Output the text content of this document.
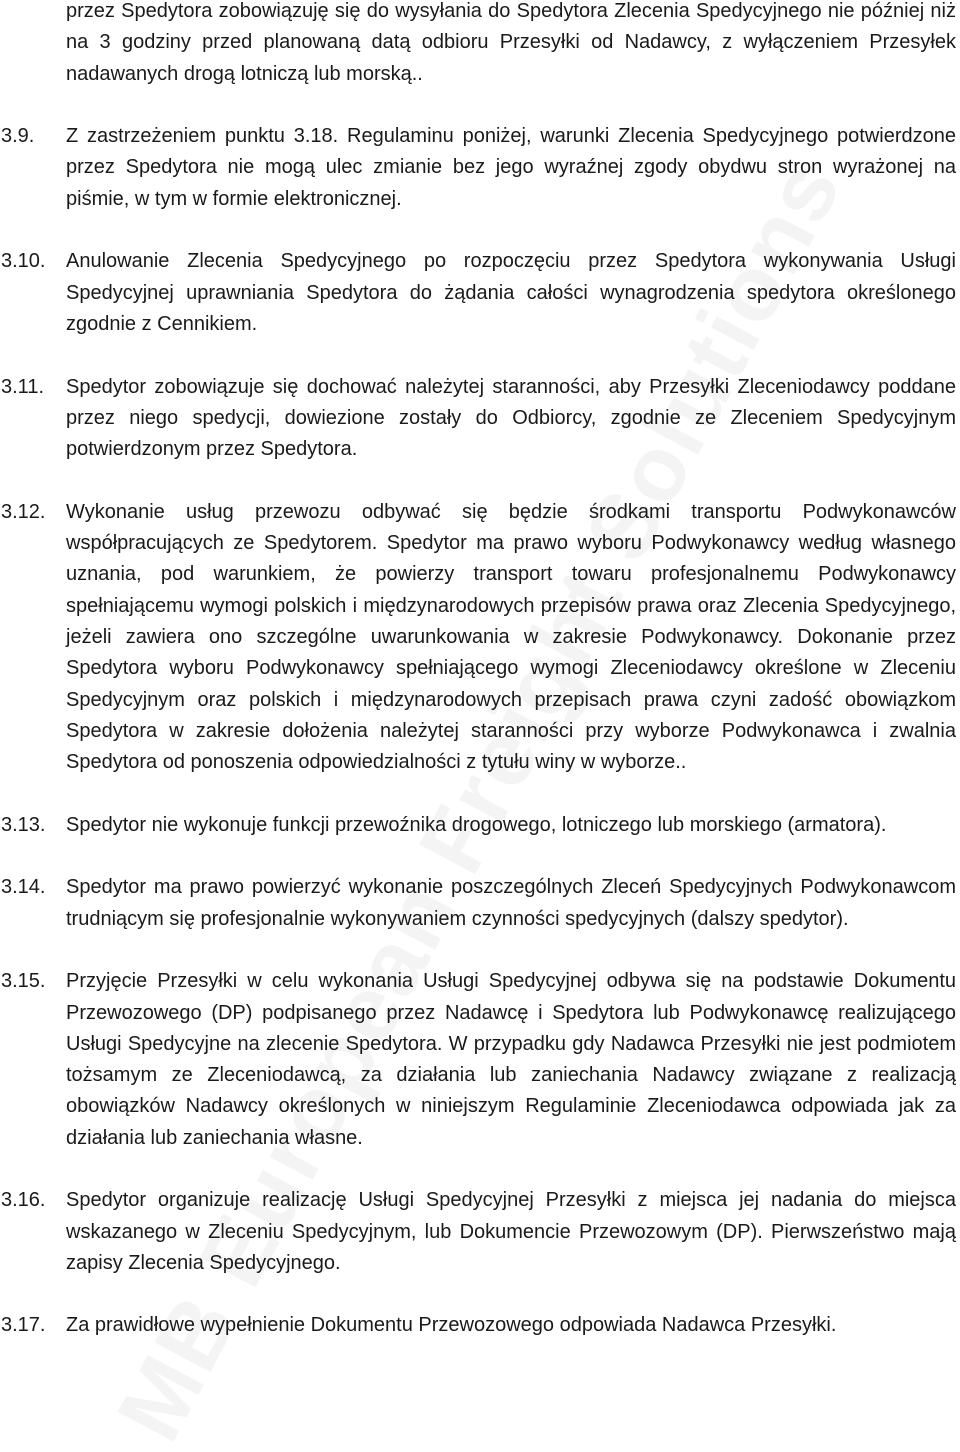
przez Spedytora zobowiązuję się do wysyłania do Spedytora Zlecenia Spedycyjnego nie później niż na 3 godziny przed planowaną datą odbioru Przesyłki od Nadawcy, z wyłączeniem Przesyłek nadawanych drogą lotniczą lub morską..

3.9.	Z zastrzeżeniem punktu 3.18. Regulaminu poniżej, warunki Zlecenia Spedycyjnego potwierdzone przez Spedytora nie mogą ulec zmianie bez jego wyraźnej zgody obydwu stron wyrażonej na piśmie, w tym w formie elektronicznej.
3.10.	Anulowanie Zlecenia Spedycyjnego po rozpoczęciu przez Spedytora wykonywania Usługi Spedycyjnej uprawniania Spedytora do żądania całości wynagrodzenia spedytora określonego zgodnie z Cennikiem.
3.11.	Spedytor zobowiązuje się dochować należytej staranności, aby Przesyłki Zleceniodawcy poddane przez niego spedycji, dowiezione zostały do Odbiorcy, zgodnie ze Zleceniem Spedycyjnym potwierdzonym przez Spedytora.
3.12.	Wykonanie usług przewozu odbywać się będzie środkami transportu Podwykonawców współpracujących ze Spedytorem. Spedytor ma prawo wyboru Podwykonawcy według własnego uznania, pod warunkiem, że powierzy transport towaru profesjonalnemu Podwykonawcy spełniającemu wymogi polskich i międzynarodowych przepisów prawa oraz Zlecenia Spedycyjnego, jeżeli zawiera ono szczególne uwarunkowania w zakresie Podwykonawcy. Dokonanie przez Spedytora wyboru Podwykonawcy spełniającego wymogi Zleceniodawcy określone w Zleceniu Spedycyjnym oraz polskich i międzynarodowych przepisach prawa czyni zadość obowiązkom Spedytora w zakresie dołożenia należytej staranności przy wyborze Podwykonawca i zwalnia Spedytora od ponoszenia odpowiedzialności z tytułu winy w wyborze..
3.13.	Spedytor nie wykonuje funkcji przewoźnika drogowego, lotniczego lub morskiego (armatora).
3.14.	Spedytor ma prawo powierzyć wykonanie poszczególnych Zleceń Spedycyjnych Podwykonawcom trudniącym się profesjonalnie wykonywaniem czynności spedycyjnych (dalszy spedytor).
3.15.	Przyjęcie Przesyłki w celu wykonania Usługi Spedycyjnej odbywa się na podstawie Dokumentu Przewozowego (DP) podpisanego przez Nadawcę i Spedytora lub Podwykonawcę realizującego Usługi Spedycyjne na zlecenie Spedytora. W przypadku gdy Nadawca Przesyłki nie jest podmiotem tożsamym ze Zleceniodawcą, za działania lub zaniechania Nadawcy związane z realizacją obowiązków Nadawcy określonych w niniejszym Regulaminie Zleceniodawca odpowiada jak za działania lub zaniechania własne.
3.16.	Spedytor organizuje realizację Usługi Spedycyjnej Przesyłki z miejsca jej nadania do miejsca wskazanego w Zleceniu Spedycyjnym, lub Dokumencie Przewozowym (DP). Pierwszeństwo mają zapisy Zlecenia Spedycyjnego.
3.17.	Za prawidłowe wypełnienie Dokumentu Przewozowego odpowiada Nadawca Przesyłki.
